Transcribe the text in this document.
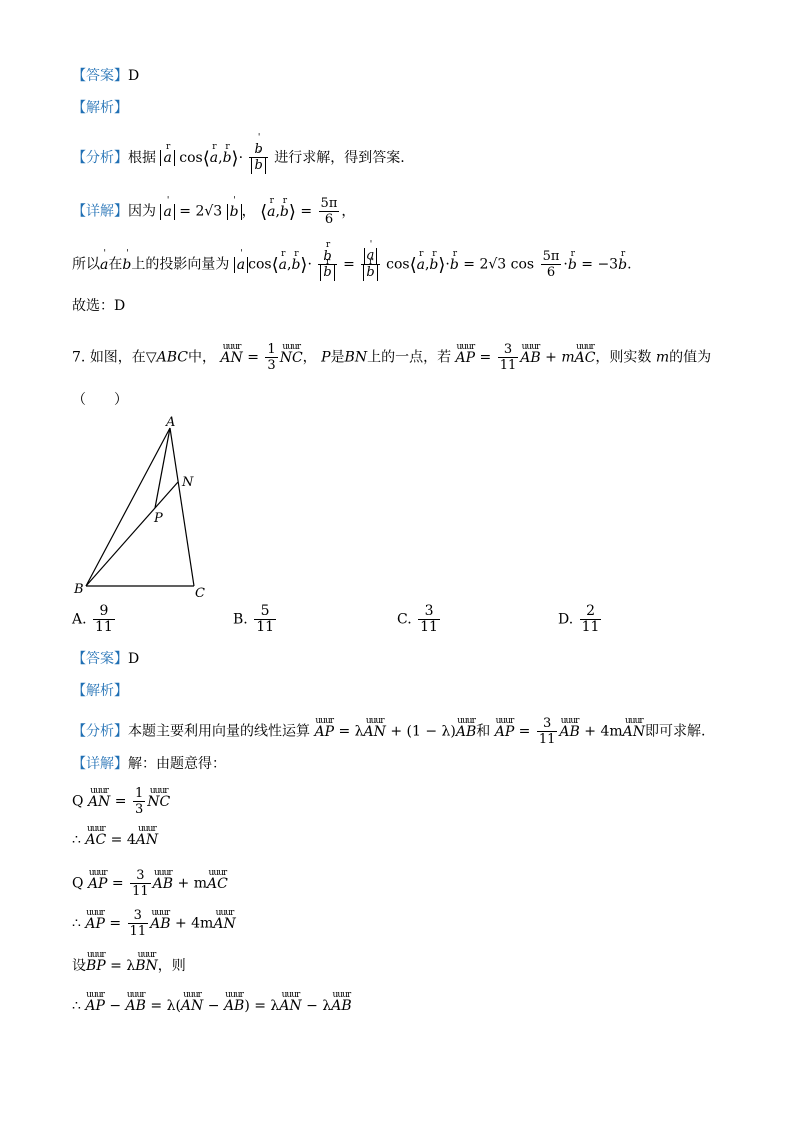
【答案】D
【解析】
【分析】根据 r a cos⟨r a,r b⟩· ' b
' b 进行求解，得到答案.
【详解】因为 ' a = 2√3 ' b ， ⟨r a,r b⟩ = $\frac{5\pi}{6}$ ，
所以' a在' b上的投影向量为 ' a cos⟨r a,r b⟩· r b
r b = ' a
r b cos⟨r a,r b⟩·r b = 2√3 $\cos \frac{5\pi}{6} \cdot r$ b = −3r b.
故选：D
7. 如图，在▽ABC中， uuur AN = $\frac{1}{3}$ uuur NC， P是BN上的一点，若 uuur AP = $\frac{3}{11}$ uuur AB + muuur AC，则实数 m的值为
（　　）
A
B	C
N
P
A. $\frac{9}{11}$	B. $\frac{5}{11}$	C. $\frac{3}{11}$	D. $\frac{2}{11}$
【答案】D
【解析】
【分析】本题主要利用向量的线性运算 uuur AP = λuuur AN + (1 − λ)uuur AB和 uuur AP = $\frac{3}{11}$ uuur AB + 4muuur AN即可求解.
【详解】解：由题意得：
Q uuur AN = $\frac{1}{3}$ uuur NC
∴ uuur AC = 4uuur AN
Q uuur AP = $\frac{3}{11}$ uuur AB + muuur AC
∴ uuur AP = $\frac{3}{11}$ uuur AB + 4muuur AN
设uuur BP = λuuur BN，则
∴ uuur AP − uuur AB = λ(uuur AN − uuur AB) = λuuur AN − λuuur AB
